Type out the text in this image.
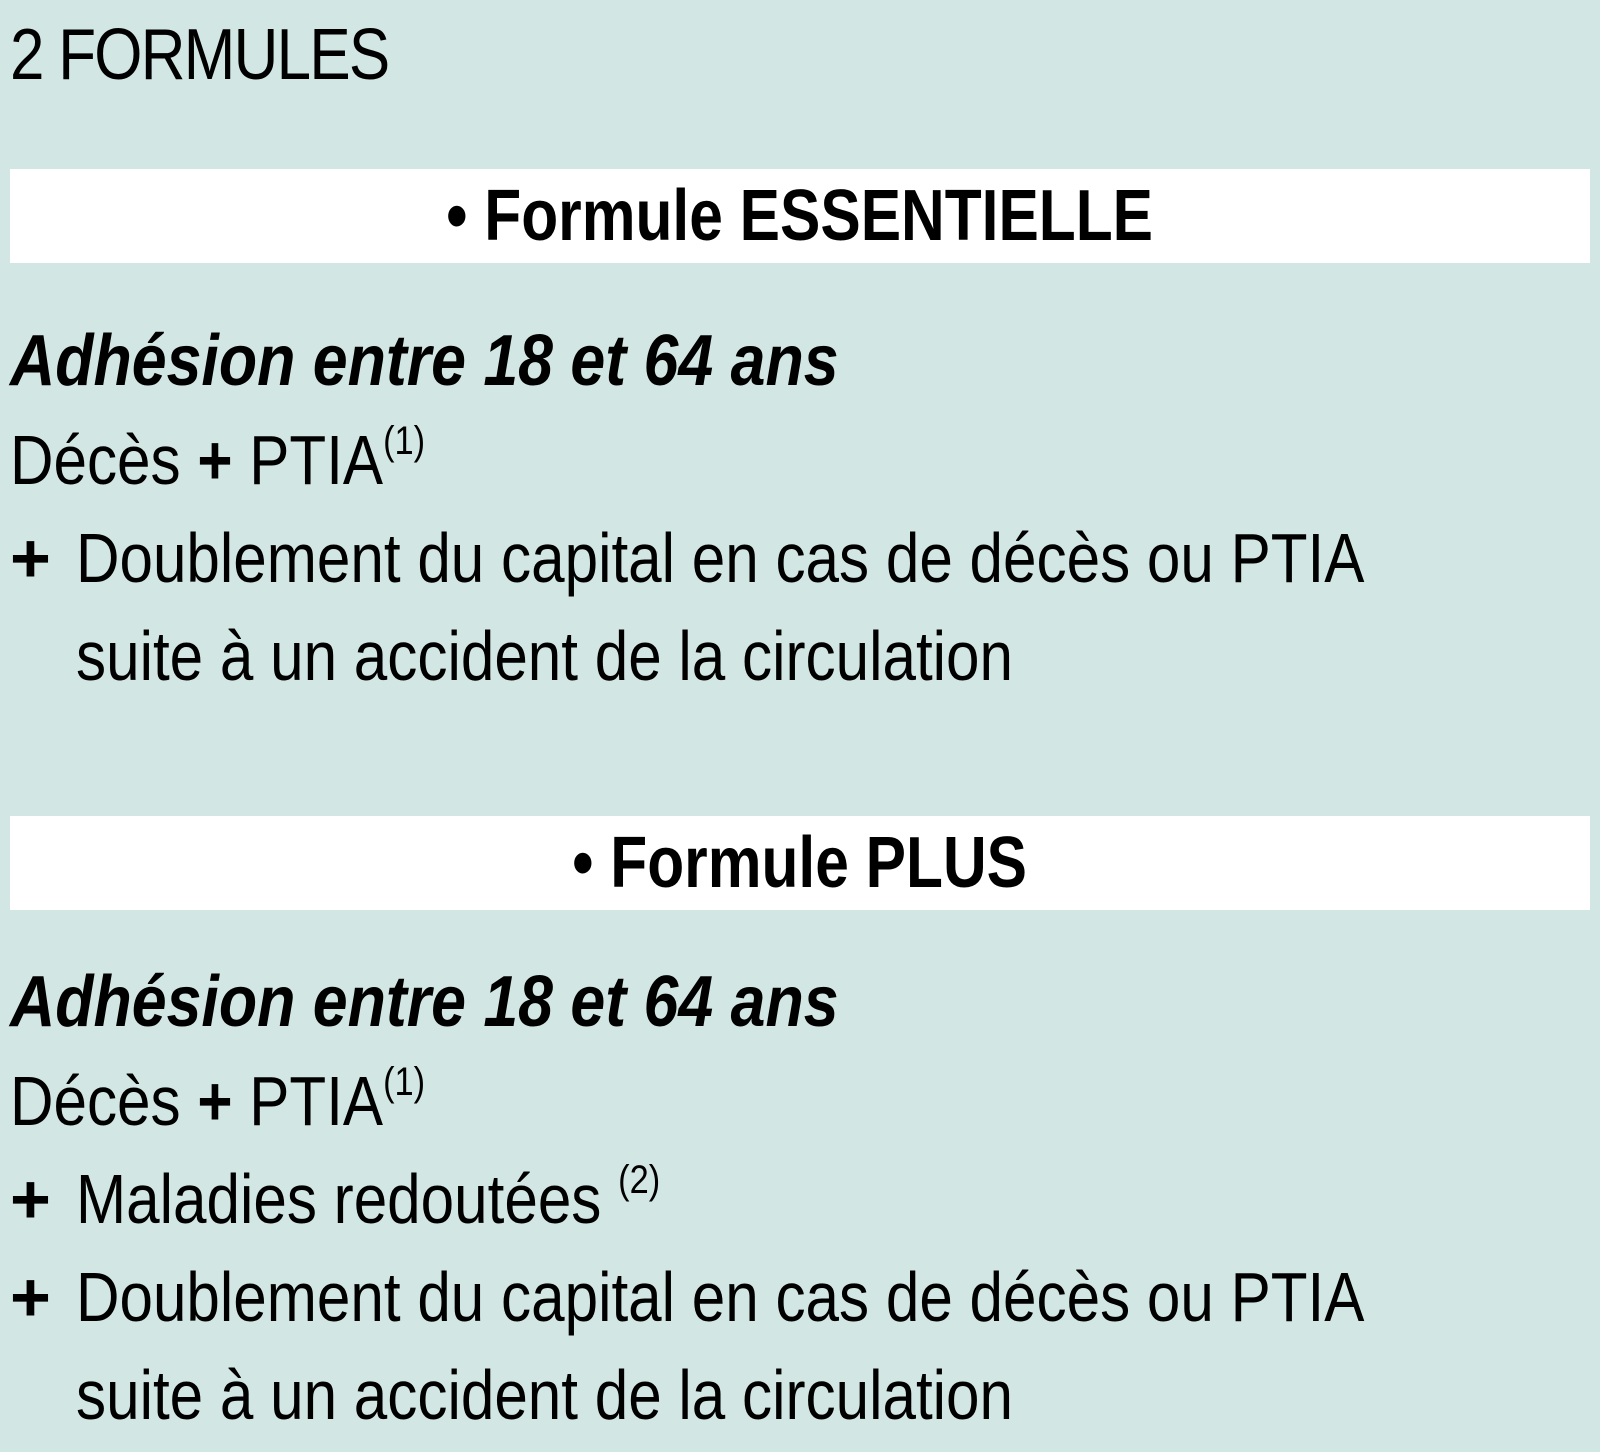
2 FORMULES
• Formule ESSENTIELLE
Adhésion entre 18 et 64 ans
Décès + PTIA$^{(1)}$
+ Doublement du capital en cas de décès ou PTIA
suite à un accident de la circulation
• Formule PLUS
Adhésion entre 18 et 64 ans
Décès + PTIA$^{(1)}$
+ Maladies redoutées $^{(2)}$
+ Doublement du capital en cas de décès ou PTIA
suite à un accident de la circulation
